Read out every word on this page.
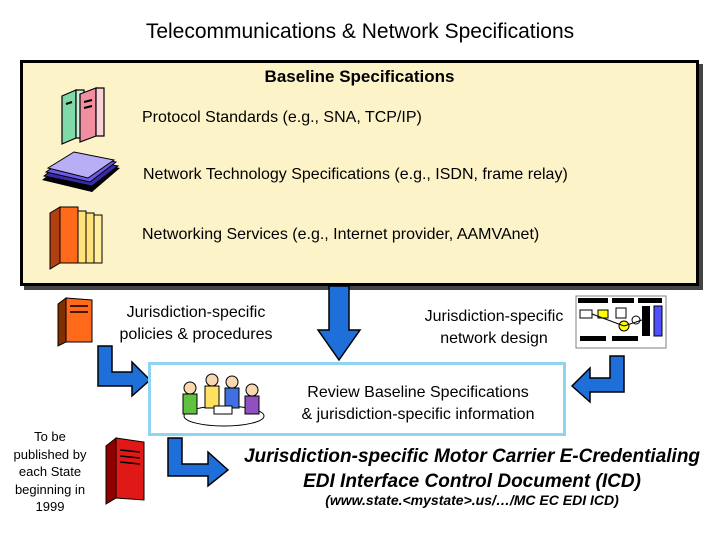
Telecommunications & Network Specifications
Baseline Specifications
Protocol Standards (e.g., SNA, TCP/IP)
Network Technology Specifications (e.g., ISDN, frame relay)
Networking Services (e.g., Internet provider, AAMVAnet)
Jurisdiction-specific
policies & procedures
Jurisdiction-specific
network design
Review Baseline Specifications
& jurisdiction-specific information
To be
published by
each State
beginning in
1999
Jurisdiction-specific Motor Carrier E-Credentialing
EDI Interface Control Document (ICD)
(www.state.<mystate>.us/…/MC EC EDI ICD)
